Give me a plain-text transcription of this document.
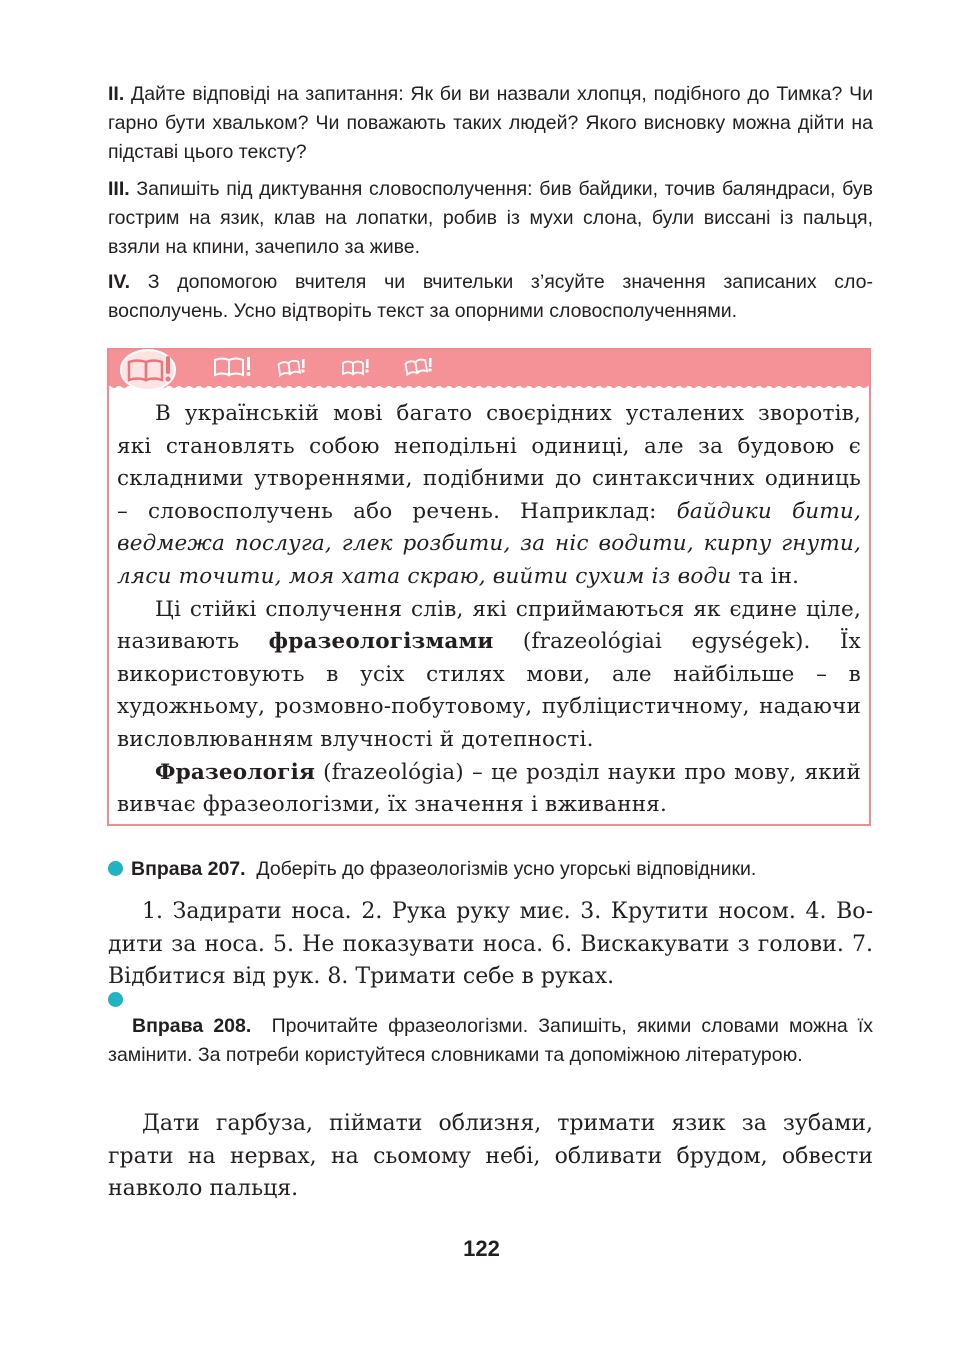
II. Дайте відповіді на запитання: Як би ви назвали хлопця, подібного до Тимка? Чи гарно бути хвальком? Чи поважають таких людей? Якого висновку можна дійти на підставі цього тексту?
III. Запишіть під диктування словосполучення: бив байдики, точив баляндраси, був гострим на язик, клав на лопатки, робив із мухи слона, були виссані із пальця, взяли на кпини, зачепило за живе.
IV. З допомогою вчителя чи вчительки з’ясуйте значення записаних словосполучень. Усно відтворіть текст за опорними словосполученнями.

В українській мові багато своєрідних усталених зворотів, які становлять собою неподільні одиниці, але за будовою є складними утвореннями, подібними до синтаксичних одиниць – словосполучень або речень. Наприклад: байдики бити, ведмежа послуга, глек розбити, за ніс водити, кирпу гнути, ляси точити, моя хата скраю, вийти сухим із води та ін.

Ці стійкі сполучення слів, які сприймаються як єдине ціле, називають фразеологізмами (frazeológiai egységek). Їх використовують в усіх стилях мови, але найбільше – в художньому, розмовно-побутовому, публіцистичному, надаючи висловлюванням влучності й дотепності.

Фразеологія (frazeológia) – це розділ науки про мову, який вивчає фразеологізми, їх значення і вживання.

Вправа 207. Доберіть до фразеологізмів усно угорські відповідники.
1. Задирати носа. 2. Рука руку миє. 3. Крутити носом. 4. Водити за носа. 5. Не показувати носа. 6. Вискакувати з голови. 7. Відбитися від рук. 8. Тримати себе в руках.
Вправа 208. Прочитайте фразеологізми. Запишіть, якими словами можна їх замінити. За потреби користуйтеся словниками та допоміжною літературою.
Дати гарбуза, піймати облизня, тримати язик за зубами, грати на нервах, на сьомому небі, обливати брудом, обвести навколо пальця.
122
